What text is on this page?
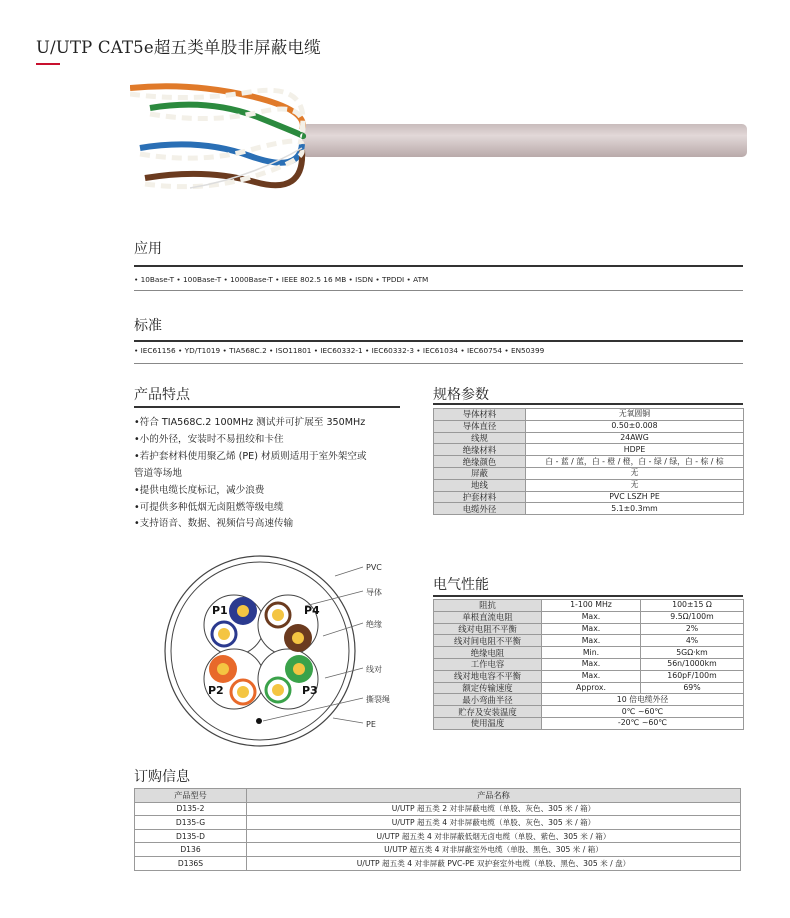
U/UTP CAT5e超五类单股非屏蔽电缆
应用
• 10Base-T • 100Base-T • 1000Base-T • IEEE 802.5 16 MB • ISDN • TPDDI • ATM
标准
• IEC61156 • YD/T1019 • TIA568C.2 • ISO11801 • IEC60332-1 • IEC60332-3 • IEC61034 • IEC60754 • EN50399
产品特点
•符合 TIA568C.2 100MHz 测试并可扩展至 350MHz
•小的外径，安装时不易扭绞和卡住
•若护套材料使用聚乙烯 (PE) 材质则适用于室外架空或
管道等场地
•提供电缆长度标记，减少浪费
•可提供多种低烟无卤阻燃等级电缆
•支持语音、数据、视频信号高速传输
规格参数
导体材料	无氧圆铜
导体直径	0.50±0.008
线规	24AWG
绝缘材料	HDPE
绝缘颜色	白 - 蓝 / 蓝，白 - 橙 / 橙，白 - 绿 / 绿，白 - 棕 / 棕
屏蔽	无
地线	无
护套材料	PVC LSZH PE
电缆外径	5.1±0.3mm
P1	P4
P2	P3
PVC
导体
绝缘
线对
撕裂绳
PE
电气性能
阻抗	1-100 MHz	100±15 Ω
单根直流电阻	Max.	9.5Ω/100m
线对电阻不平衡	Max.	2%
线对间电阻不平衡	Max.	4%
绝缘电阻	Min.	5GΩ·km
工作电容	Max.	56n/1000km
线对地电容不平衡	Max.	160pF/100m
额定传输速度	Approx.	69%
最小弯曲半径	10 倍电缆外径	
贮存及安装温度	0℃ ~60℃	
使用温度	-20℃ ~60℃	
订购信息
产品型号	产品名称
D135-2	U/UTP 超五类 2 对非屏蔽电缆（单股、灰色、305 米 / 箱）
D135-G	U/UTP 超五类 4 对非屏蔽电缆（单股、灰色、305 米 / 箱）
D135-D	U/UTP 超五类 4 对非屏蔽低烟无卤电缆（单股、紫色、305 米 / 箱）
D136	U/UTP 超五类 4 对非屏蔽室外电缆（单股、黑色、305 米 / 箱）
D136S	U/UTP 超五类 4 对非屏蔽 PVC-PE 双护套室外电缆（单股、黑色、305 米 / 盘）
